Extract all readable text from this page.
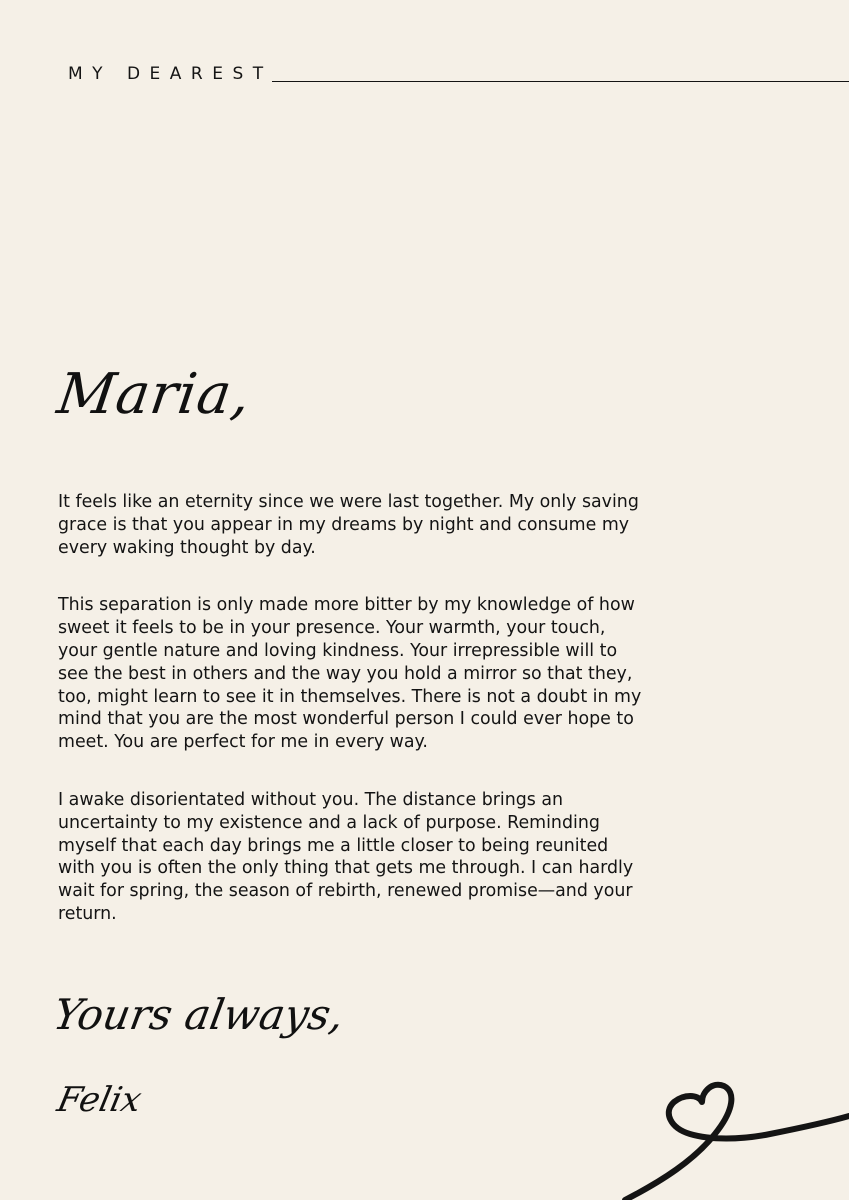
MY DEAREST
Maria,

It feels like an eternity since we were last together. My only saving grace is that you appear in my dreams by night and consume my every waking thought by day.

This separation is only made more bitter by my knowledge of how sweet it feels to be in your presence. Your warmth, your touch, your gentle nature and loving kindness. Your irrepressible will to see the best in others and the way you hold a mirror so that they, too, might learn to see it in themselves. There is not a doubt in my mind that you are the most wonderful person I could ever hope to meet. You are perfect for me in every way.

I awake disorientated without you. The distance brings an uncertainty to my existence and a lack of purpose. Reminding myself that each day brings me a little closer to being reunited with you is often the only thing that gets me through. I can hardly wait for spring, the season of rebirth, renewed promise—and your return.

Yours always,
Felix
